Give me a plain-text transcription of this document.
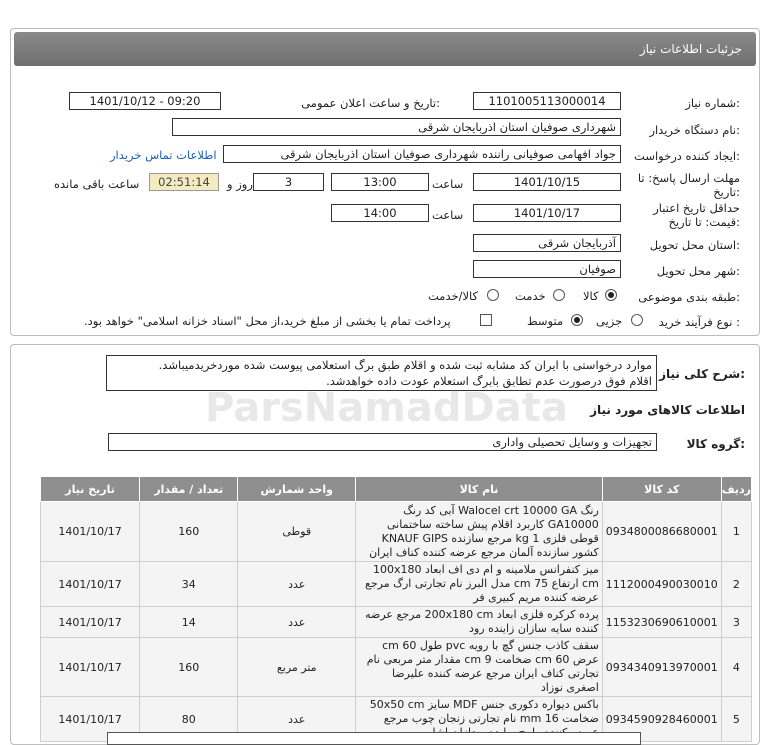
جزئیات اطلاعات نیاز
شماره نیاز:
1101005113000014
تاریخ و ساعت اعلان عمومی:
1401/10/12 - 09:20
نام دستگاه خریدار:
شهرداری صوفیان استان اذربایجان شرقی
ایجاد کننده درخواست:
جواد افهامی صوفیانی راننده شهرداری صوفیان استان اذربایجان شرقی
اطلاعات تماس خریدار
مهلت ارسال پاسخ: تا
تاریخ:
1401/10/15
ساعت
13:00
3
روز و
02:51:14
ساعت باقی مانده
حداقل تاریخ اعتبار
قیمت: تا تاریخ:
1401/10/17
ساعت
14:00
استان محل تحویل:
آذربایجان شرقی
شهر محل تحویل:
صوفیان
طبقه بندی موضوعی:
کالا
خدمت
کالا/خدمت
نوع فرآیند خرید :
جزیی
متوسط
پرداخت تمام یا بخشی از مبلغ خرید،از محل "اسناد خزانه اسلامی" خواهد بود.
شرح کلی نیاز:
موارد درخواستی با ایران کد مشابه ثبت شده و اقلام طبق برگ استعلامی پیوست شده موردخریدمیباشد.
اقلام فوق درصورت عدم تطابق بابرگ استعلام عودت داده خواهدشد.
اطلاعات کالاهای مورد نیاز
گروه کالا:
تجهیزات و وسایل تحصیلی واداری
ردیف	کد کالا	نام کالا	واحد شمارش	تعداد / مقدار	تاریخ نیاز
1	0934800086680001	رنگ Walocel crt 10000 GA آبی کد رنگ GA10000 کاربرد اقلام پیش ساخته ساختمانی قوطی فلزی kg 1 مرجع سازنده KNAUF GIPS کشور سازنده آلمان مرجع عرضه کننده کناف ایران	قوطی	160	1401/10/17
2	1112000490030010	میز کنفرانس ملامینه و ام دی اف ابعاد 100x180 cm ارتفاع 75 cm مدل البرز نام تجارتی ارگ مرجع عرضه کننده مریم کبیری فر	عدد	34	1401/10/17
3	1153230690610001	پرده کرکره فلزی ابعاد 200x180 cm مرجع عرضه کننده سایه سازان زاینده رود	عدد	14	1401/10/17
4	0934340913970001	سقف کاذب جنس گچ با رویه pvc طول 60 cm عرض 60 cm ضخامت 9 cm مقدار متر مربعی نام تجارتی کناف ایران مرجع عرضه کننده علیرضا اصغری نوزاد	متر مربع	160	1401/10/17
5	0934590928460001	باکس دیواره دکوری جنس MDF سایز 50x50 cm ضخامت 16 mm نام تجارتی زنجان چوب مرجع	عدد	80	1401/10/17
ParsNamadData
